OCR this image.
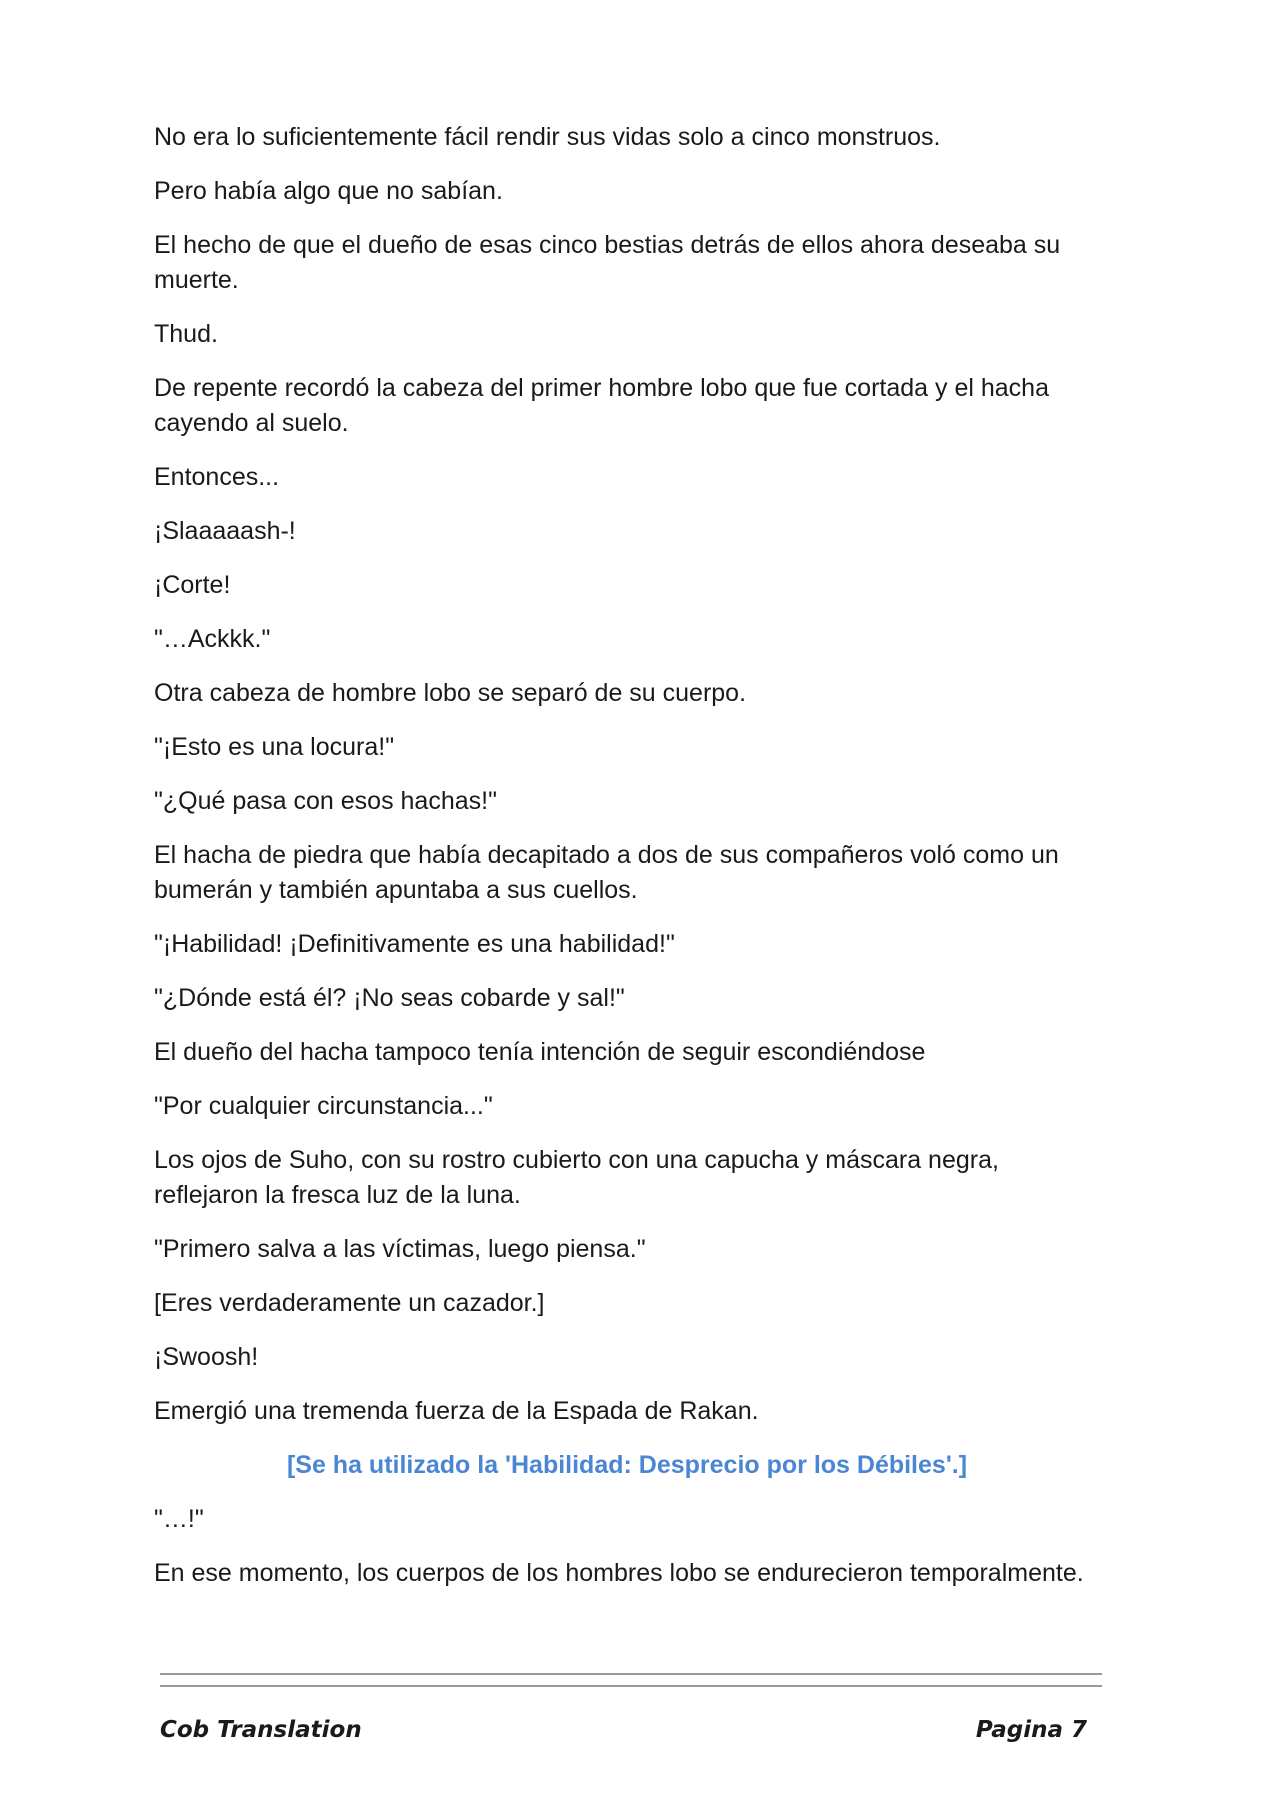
No era lo suficientemente fácil rendir sus vidas solo a cinco monstruos.

Pero había algo que no sabían.

El hecho de que el dueño de esas cinco bestias detrás de ellos ahora deseaba su muerte.

Thud.

De repente recordó la cabeza del primer hombre lobo que fue cortada y el hacha cayendo al suelo.

Entonces...

¡Slaaaaash-!

¡Corte!

"…Ackkk."

Otra cabeza de hombre lobo se separó de su cuerpo.

"¡Esto es una locura!"

"¿Qué pasa con esos hachas!"

El hacha de piedra que había decapitado a dos de sus compañeros voló como un bumerán y también apuntaba a sus cuellos.

"¡Habilidad! ¡Definitivamente es una habilidad!"

"¿Dónde está él? ¡No seas cobarde y sal!"

El dueño del hacha tampoco tenía intención de seguir escondiéndose

"Por cualquier circunstancia..."

Los ojos de Suho, con su rostro cubierto con una capucha y máscara negra, reflejaron la fresca luz de la luna.

"Primero salva a las víctimas, luego piensa."

[Eres verdaderamente un cazador.]

¡Swoosh!

Emergió una tremenda fuerza de la Espada de Rakan.

[Se ha utilizado la 'Habilidad: Desprecio por los Débiles'.]

"…!"

En ese momento, los cuerpos de los hombres lobo se endurecieron temporalmente.

Cob Translation	Pagina 7
